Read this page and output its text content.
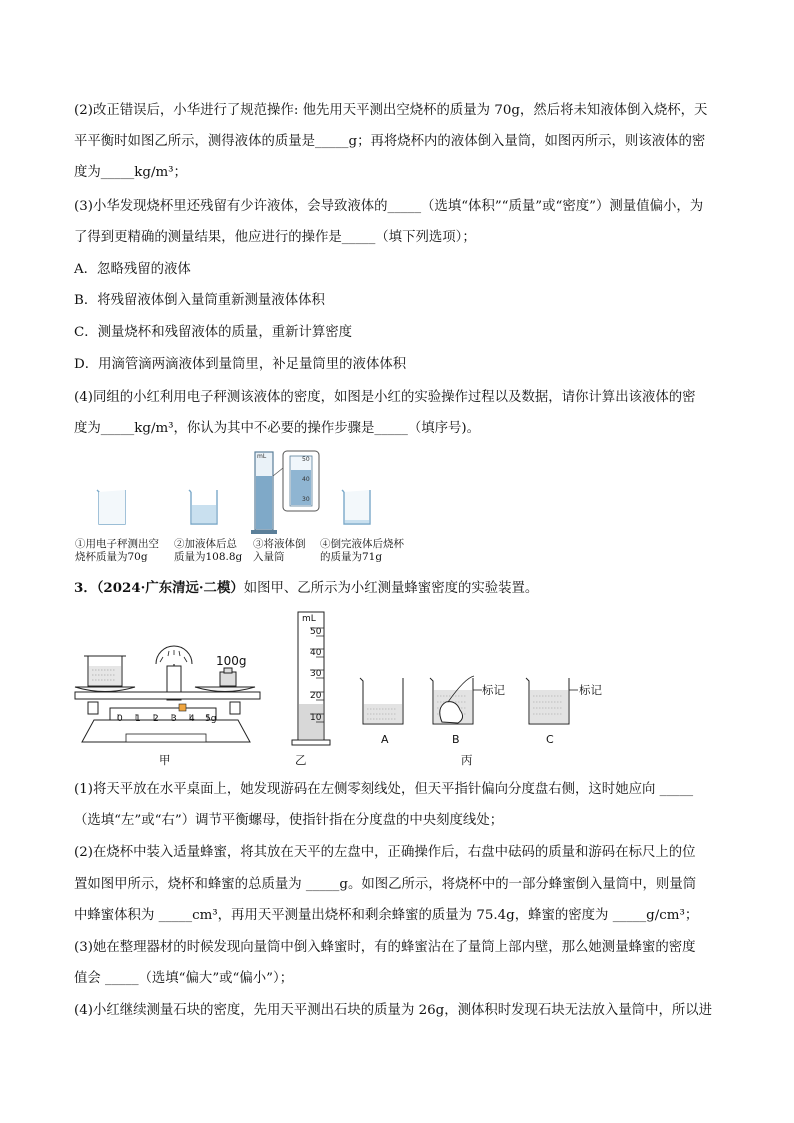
(2)改正错误后，小华进行了规范操作: 他先用天平测出空烧杯的质量为 70g，然后将未知液体倒入烧杯，天
平平衡时如图乙所示，测得液体的质量是_____g；再将烧杯内的液体倒入量筒，如图丙所示，则该液体的密
度为_____kg/m³；
(3)小华发现烧杯里还残留有少许液体，会导致液体的_____（选填“体积”“质量”或“密度”）测量值偏小，为
了得到更精确的测量结果，他应进行的操作是_____（填下列选项）；
A．忽略残留的液体
B．将残留液体倒入量筒重新测量液体体积
C．测量烧杯和残留液体的质量，重新计算密度
D．用滴管滴两滴液体到量筒里，补足量筒里的液体体积
(4)同组的小红利用电子秤测该液体的密度，如图是小红的实验操作过程以及数据，请你计算出该液体的密
度为_____kg/m³，你认为其中不必要的操作步骤是_____（填序号)。
mL	50
40
30
①用电子秤测出空
烧杯质量为70g
②加液体后总
质量为108.8g
③将液体倒
入量筒
④倒完液体后烧杯
的质量为71g
3．（2024·广东清远·二模）如图甲、乙所示为小红测量蜂蜜密度的实验装置。
100g
0 1 2 3 4 5g
甲
mL
50
40
30
20
10
乙
A	B
标记
C
标记
丙
(1)将天平放在水平桌面上，她发现游码在左侧零刻线处，但天平指针偏向分度盘右侧，这时她应向 _____
（选填“左”或“右”）调节平衡螺母，使指针指在分度盘的中央刻度线处；
(2)在烧杯中装入适量蜂蜜，将其放在天平的左盘中，正确操作后，右盘中砝码的质量和游码在标尺上的位
置如图甲所示，烧杯和蜂蜜的总质量为 _____g。如图乙所示，将烧杯中的一部分蜂蜜倒入量筒中，则量筒
中蜂蜜体积为 _____cm³，再用天平测量出烧杯和剩余蜂蜜的质量为 75.4g，蜂蜜的密度为 _____g/cm³；
(3)她在整理器材的时候发现向量筒中倒入蜂蜜时，有的蜂蜜沾在了量筒上部内壁，那么她测量蜂蜜的密度
值会 _____（选填“偏大”或“偏小”）；
(4)小红继续测量石块的密度，先用天平测出石块的质量为 26g，测体积时发现石块无法放入量筒中，所以进
